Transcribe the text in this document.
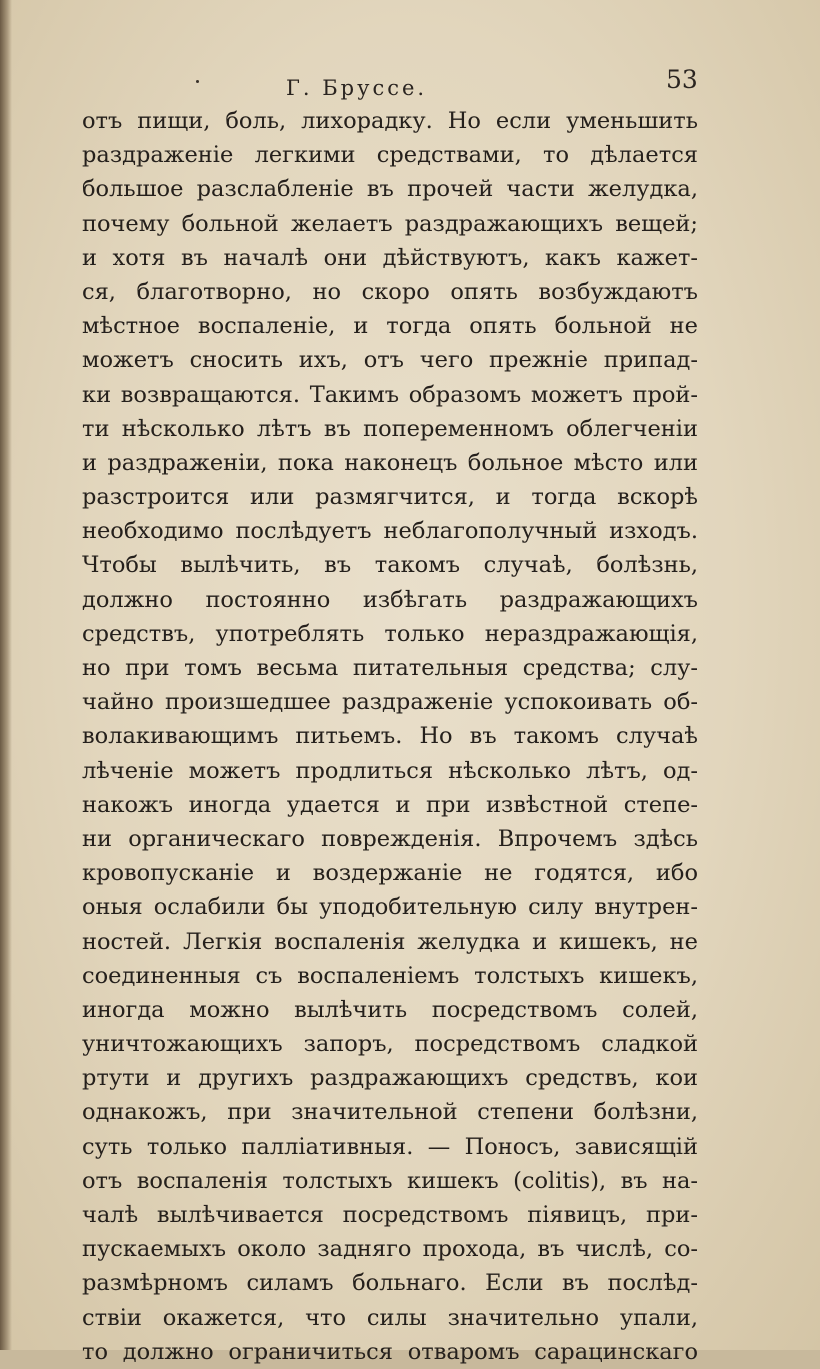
Г. Бруссе.	53
отъ пищи, боль, лихорадку. Но если уменьшить
раздраженіе легкими средствами, то дѣлается
большое разслабленіе въ прочей части желудка,
почему больной желаетъ раздражающихъ вещей;
и хотя въ началѣ они дѣйствуютъ, какъ кажет-
ся, благотворно, но скоро опять возбуждаютъ
мѣстное воспаленіе, и тогда опять больной не
можетъ сносить ихъ, отъ чего прежніе припад-
ки возвращаются. Такимъ образомъ можетъ прой-
ти нѣсколько лѣтъ въ попеременномъ облегченіи
и раздраженіи, пока наконецъ больное мѣсто или
разстроится или размягчится, и тогда вскорѣ
необходимо послѣдуетъ неблагополучный изходъ.
Чтобы вылѣчить, въ такомъ случаѣ, болѣзнь,
должно постоянно избѣгать раздражающихъ
средствъ, употреблять только нераздражающія,
но при томъ весьма питательныя средства; слу-
чайно произшедшее раздраженіе успокоивать об-
волакивающимъ питьемъ. Но въ такомъ случаѣ
лѣченіе можетъ продлиться нѣсколько лѣтъ, од-
накожъ иногда удается и при извѣстной степе-
ни органическаго поврежденія. Впрочемъ здѣсь
кровопусканіе и воздержаніе не годятся, ибо
оныя ослабили бы уподобительную силу внутрен-
ностей. Легкія воспаленія желудка и кишекъ, не
соединенныя съ воспаленіемъ толстыхъ кишекъ,
иногда можно вылѣчить посредствомъ солей,
уничтожающихъ запоръ, посредствомъ сладкой
ртути и другихъ раздражающихъ средствъ, кои
однакожъ, при значительной степени болѣзни,
суть только палліативныя. — Поносъ, зависящій
отъ воспаленія толстыхъ кишекъ (colitis), въ на-
чалѣ вылѣчивается посредствомъ піявицъ, при-
пускаемыхъ около задняго прохода, въ числѣ, со-
размѣрномъ силамъ больнаго. Если въ послѣд-
ствіи окажется, что силы значительно упали,
то должно ограничиться отваромъ сарацинскаго
